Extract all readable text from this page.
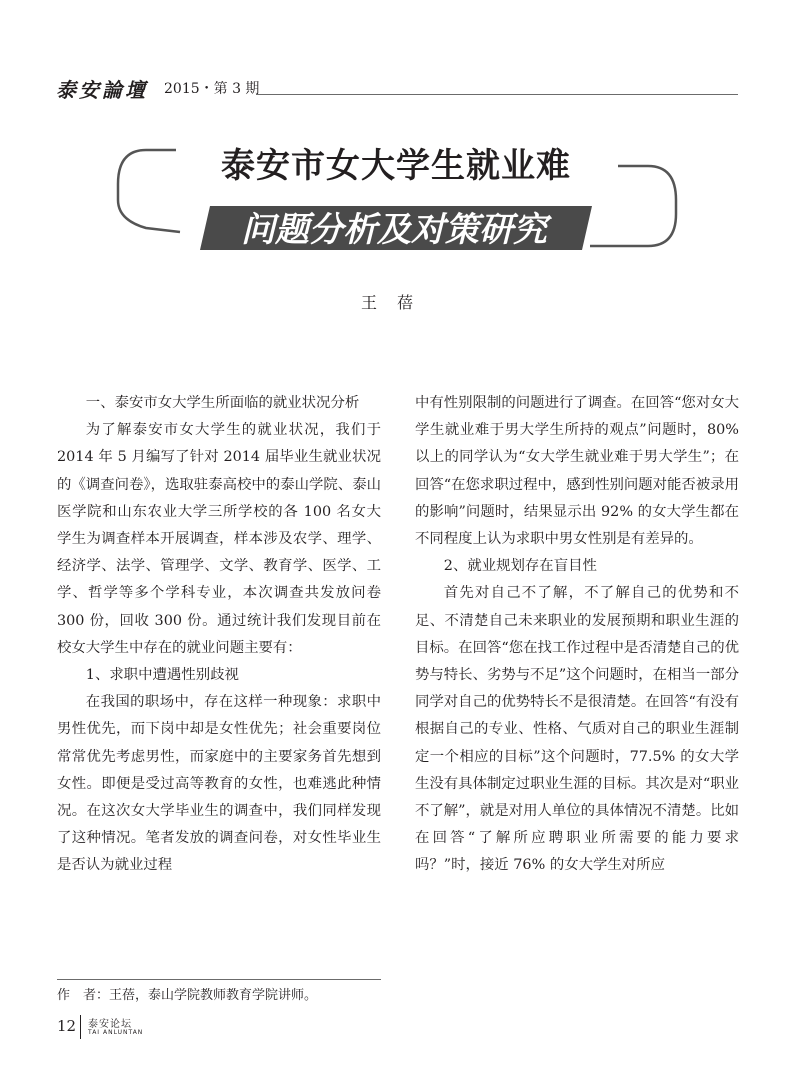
泰安論壇 2015・第 3 期
泰安市女大学生就业难
问题分析及对策研究
王蓓

一、泰安市女大学生所面临的就业状况分析

为了解泰安市女大学生的就业状况，我们于 2014 年 5 月编写了针对 2014 届毕业生就业状况的《调查问卷》，选取驻泰高校中的泰山学院、泰山医学院和山东农业大学三所学校的各 100 名女大学生为调查样本开展调查，样本涉及农学、理学、经济学、法学、管理学、文学、教育学、医学、工学、哲学等多个学科专业，本次调查共发放问卷 300 份，回收 300 份。通过统计我们发现目前在校女大学生中存在的就业问题主要有：

1、求职中遭遇性别歧视

在我国的职场中，存在这样一种现象：求职中男性优先，而下岗中却是女性优先；社会重要岗位常常优先考虑男性，而家庭中的主要家务首先想到女性。即便是受过高等教育的女性，也难逃此种情况。在这次女大学毕业生的调查中，我们同样发现了这种情况。笔者发放的调查问卷，对女性毕业生是否认为就业过程

中有性别限制的问题进行了调查。在回答“您对女大学生就业难于男大学生所持的观点”问题时，80% 以上的同学认为“女大学生就业难于男大学生”；在回答“在您求职过程中，感到性别问题对能否被录用的影响”问题时，结果显示出 92% 的女大学生都在不同程度上认为求职中男女性别是有差异的。

2、就业规划存在盲目性

首先对自己不了解，不了解自己的优势和不足、不清楚自己未来职业的发展预期和职业生涯的目标。在回答“您在找工作过程中是否清楚自己的优势与特长、劣势与不足”这个问题时，在相当一部分同学对自己的优势特长不是很清楚。在回答“有没有根据自己的专业、性格、气质对自己的职业生涯制定一个相应的目标”这个问题时，77.5% 的女大学生没有具体制定过职业生涯的目标。其次是对“职业不了解”，就是对用人单位的具体情况不清楚。比如在回答“了解所应聘职业所需要的能力要求吗？”时，接近 76% 的女大学生对所应

作　者：王蓓，泰山学院教师教育学院讲师。
12 泰安论坛
TAI ANLUNTAN
